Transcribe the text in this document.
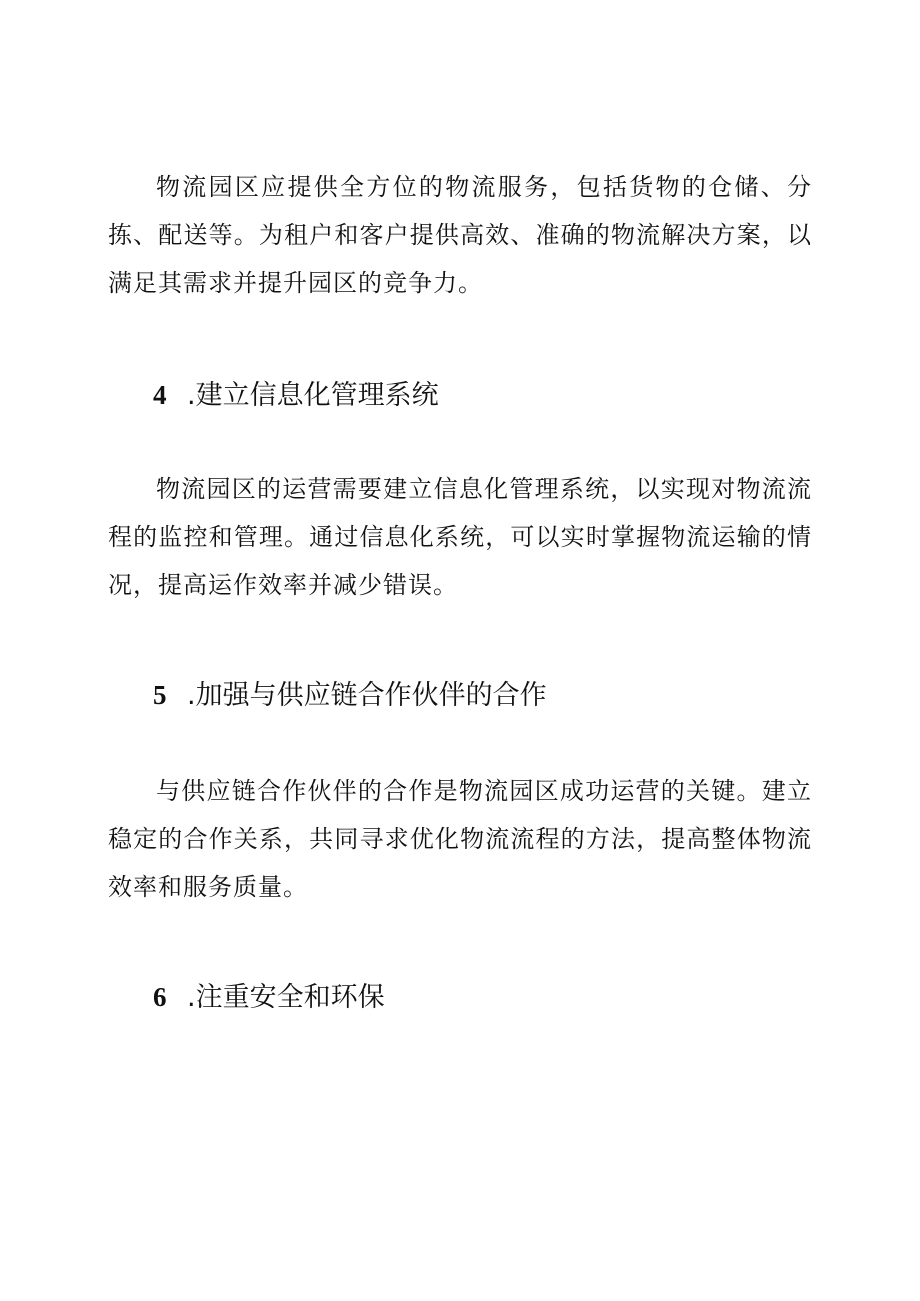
物流园区应提供全方位的物流服务，包括货物的仓储、分拣、配送等。为租户和客户提供高效、准确的物流解决方案，以满足其需求并提升园区的竞争力。

4 .建立信息化管理系统

物流园区的运营需要建立信息化管理系统，以实现对物流流程的监控和管理。通过信息化系统，可以实时掌握物流运输的情况，提高运作效率并减少错误。

5 .加强与供应链合作伙伴的合作

与供应链合作伙伴的合作是物流园区成功运营的关键。建立稳定的合作关系，共同寻求优化物流流程的方法，提高整体物流效率和服务质量。

6 .注重安全和环保
